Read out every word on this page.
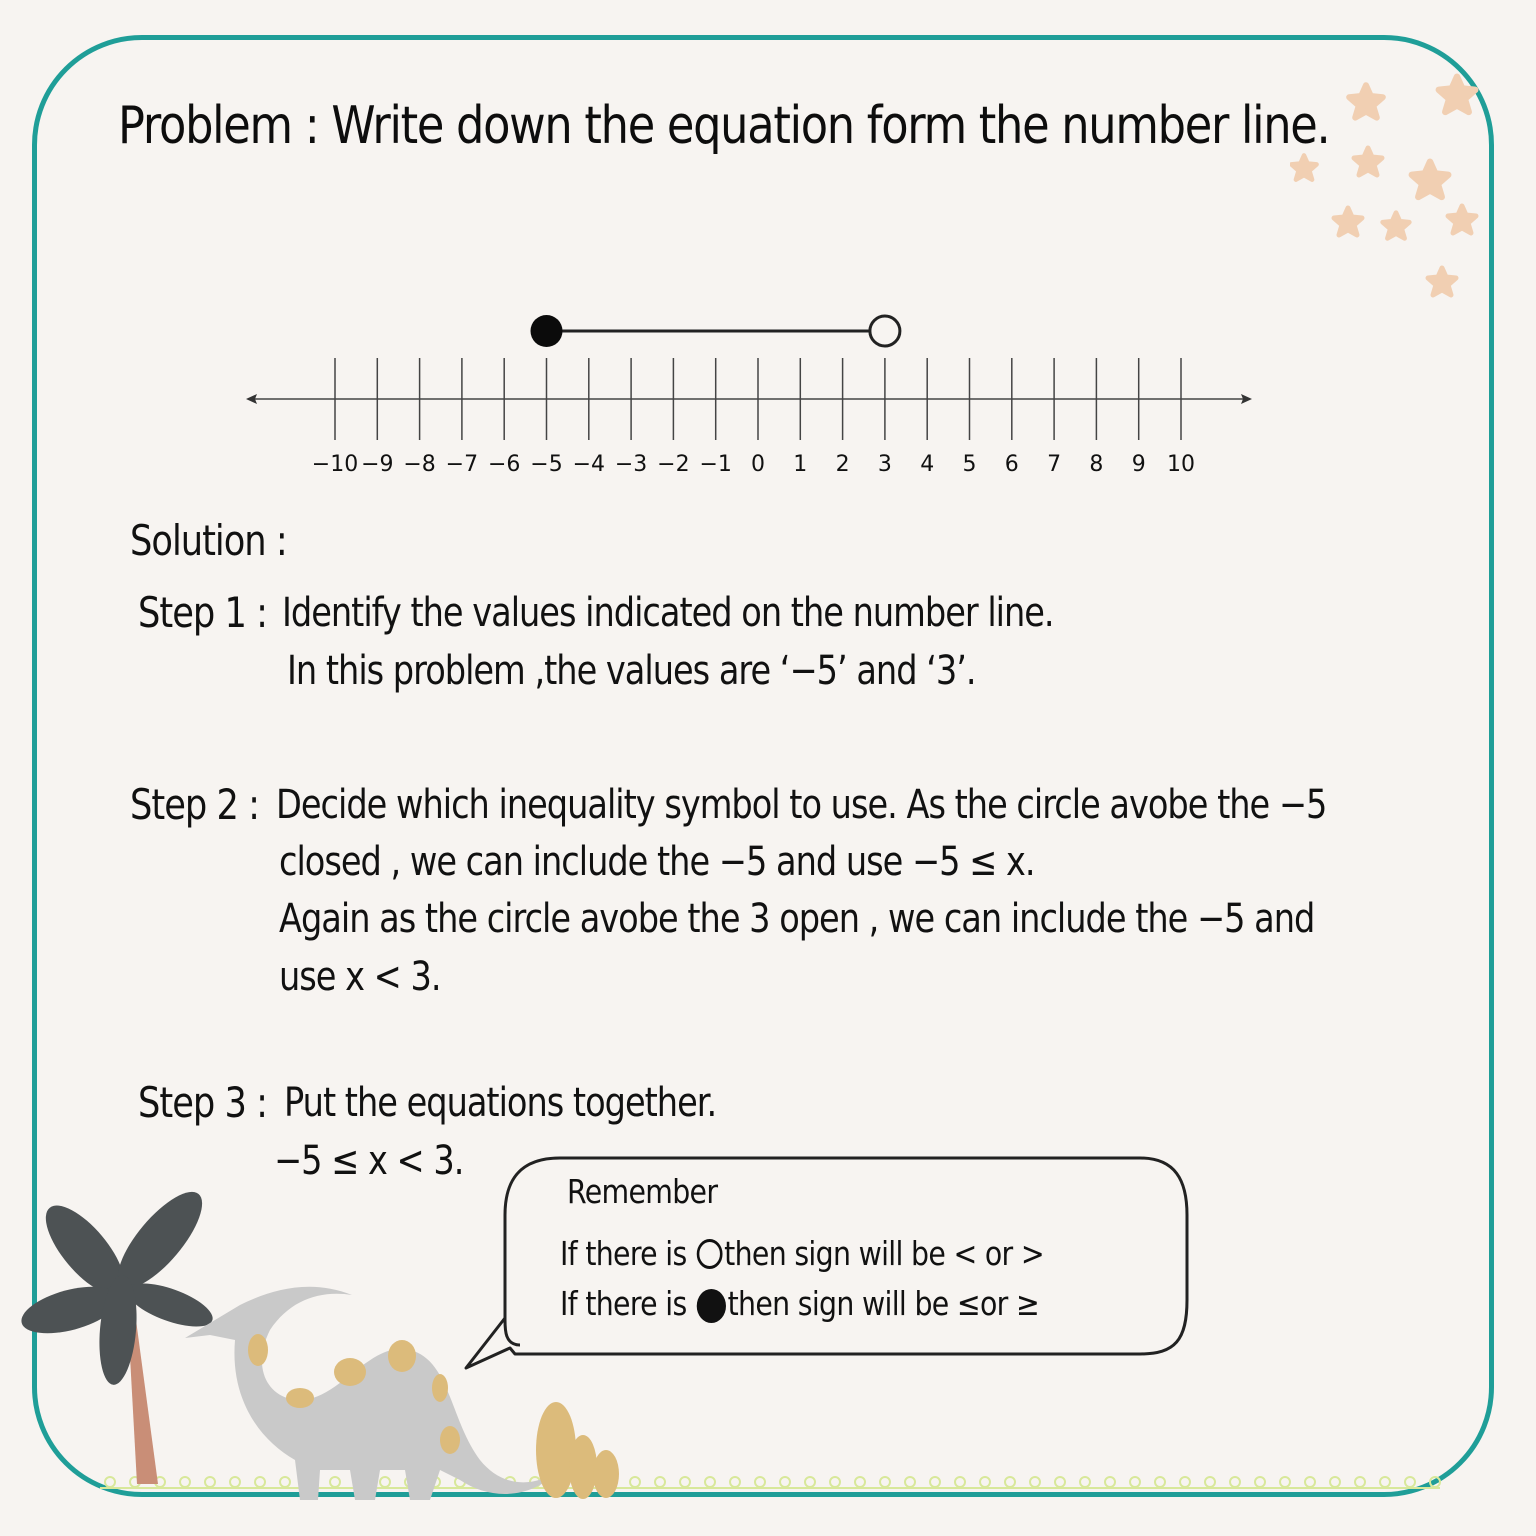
Problem : Write down the equation form the number line.
−10 −9 −8 −7 −6 −5 −4 −3 −2 −1 0 1 2 3 4 5 6 7 8 9 10
Solution :
Step 1 : Identify the values indicated on the number line.
In this problem ,the values are ‘−5’ and ‘3’.
Step 2 : Decide which inequality symbol to use. As the circle avobe the −5
closed , we can include the −5 and use −5 ≤ x.
Again as the circle avobe the 3 open , we can include the −5 and
use x < 3.
Step 3 : Put the equations together.
−5 ≤ x < 3.
Remember
If there is then sign will be < or >
If there is then sign will be ≤or ≥
